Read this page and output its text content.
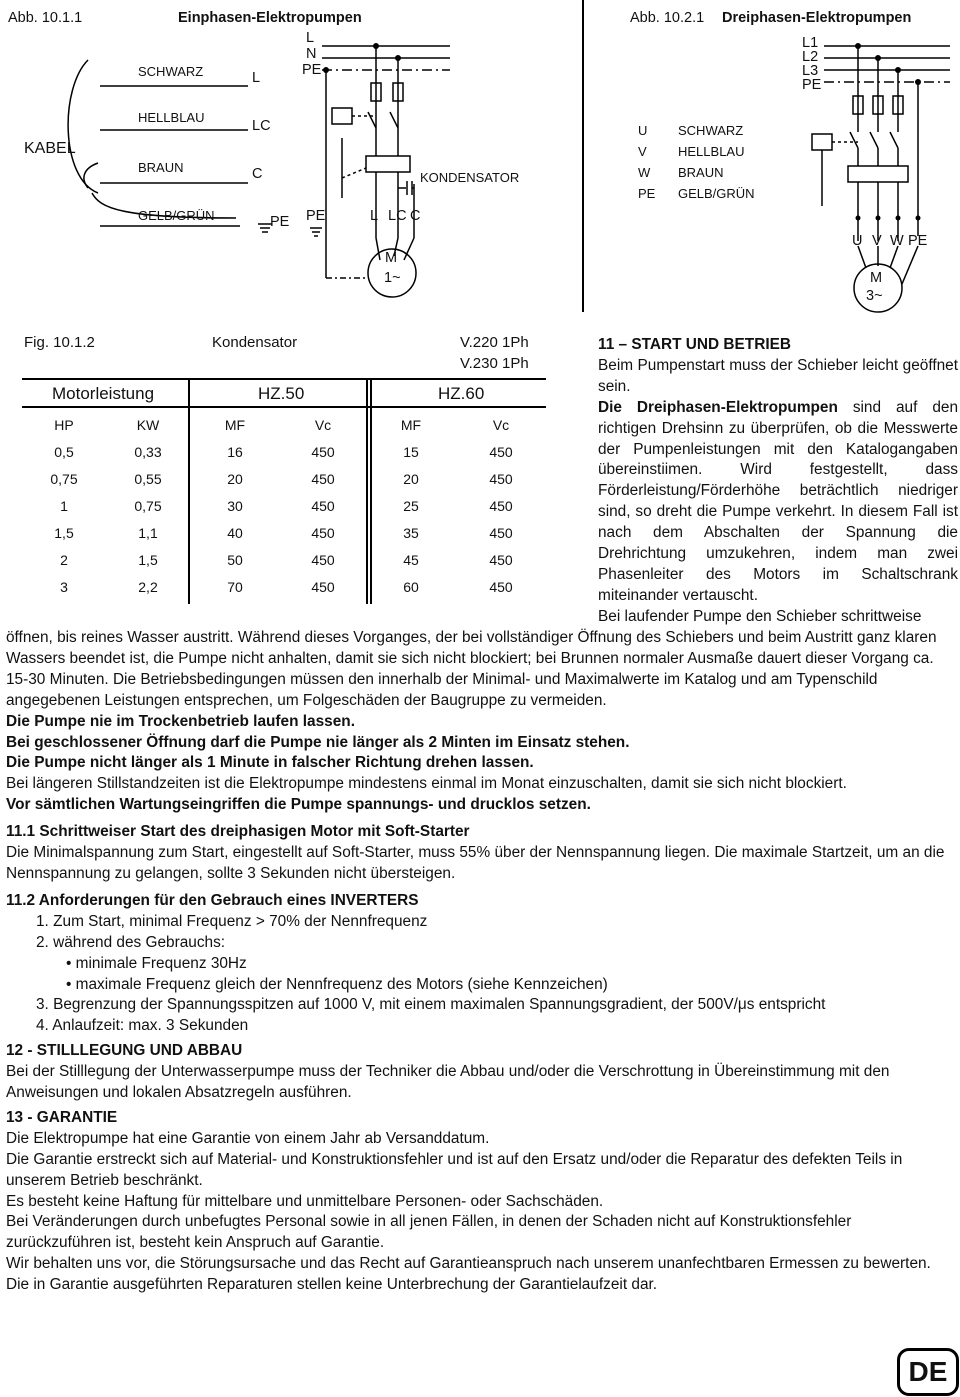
Abb. 10.1.1	Einphasen-Elektropumpen	Abb. 10.2.1 Dreiphasen-Elektropumpen
KABEL
SCHWARZ
HELLBLAU
BRAUN
GELB/GRÜN
L
LC
C
PE
L
N
PE
PE	L LC C
KONDENSATOR
M
1~
L1
L2
L3
PE
U V W PE
M
3~
U
V
W
PE
SCHWARZ
HELLBLAU
BRAUN
GELB/GRÜN
Fig. 10.1.2	Kondensator	V.220 1Ph
V.230 1Ph
Motorleistung	HZ.50	HZ.60
HP	KW	MF	Vc	MF	Vc
0,5	0,33	16	450	15	450
0,75	0,55	20	450	20	450
1	0,75	30	450	25	450
1,5	1,1	40	450	35	450
2	1,5	50	450	45	450
3	2,2	70	450	60	450

11 – START UND BETRIEB

Beim Pumpenstart muss der Schieber leicht geöffnet sein.

Die Dreiphasen-Elektropumpen sind auf den richtigen Drehsinn zu überprüfen, ob die Messwerte der Pumpenleistungen mit den Katalogangaben übereinstiimen. Wird festgestellt, dass Förderleistung/Förderhöhe beträchtlich niedriger sind, so dreht die Pumpe verkehrt. In diesem Fall ist nach dem Abschalten der Spannung die Drehrichtung umzukehren, indem man zwei Phasenleiter des Motors im Schaltschrank miteinander vertauscht.

Bei laufender Pumpe den Schieber schrittweise

öffnen, bis reines Wasser austritt. Während dieses Vorganges, der bei vollständiger Öffnung des Schiebers und beim Austritt ganz klaren Wassers beendet ist, die Pumpe nicht anhalten, damit sie sich nicht blockiert; bei Brunnen normaler Ausmaße dauert dieser Vorgang ca. 15-30 Minuten. Die Betriebsbedingungen müssen den innerhalb der Minimal- und Maximalwerte im Katalog und am Typenschild angegebenen Leistungen entsprechen, um Folgeschäden der Baugruppe zu vermeiden.

Die Pumpe nie im Trockenbetrieb laufen lassen.

Bei geschlossener Öffnung darf die Pumpe nie länger als 2 Minten im Einsatz stehen.

Die Pumpe nicht länger als 1 Minute in falscher Richtung drehen lassen.

Bei längeren Stillstandzeiten ist die Elektropumpe mindestens einmal im Monat einzuschalten, damit sie sich nicht blockiert.

Vor sämtlichen Wartungseingriffen die Pumpe spannungs- und drucklos setzen.

11.1 Schrittweiser Start des dreiphasigen Motor mit Soft-Starter

Die Minimalspannung zum Start, eingestellt auf Soft-Starter, muss 55% über der Nennspannung liegen. Die maximale Startzeit, um an die Nennspannung zu gelangen, sollte 3 Sekunden nicht übersteigen.

11.2 Anforderungen für den Gebrauch eines INVERTERS

1. Zum Start, minimal Frequenz > 70% der Nennfrequenz
2. während des Gebrauchs:
• minimale Frequenz 30Hz
• maximale Frequenz gleich der Nennfrequenz des Motors (siehe Kennzeichen)
3. Begrenzung der Spannungsspitzen auf 1000 V, mit einem maximalen Spannungsgradient, der 500V/μs entspricht
4. Anlaufzeit: max. 3 Sekunden

12 - STILLLEGUNG UND ABBAU

Bei der Stilllegung der Unterwasserpumpe muss der Techniker die Abbau und/oder die Verschrottung in Übereinstimmung mit den Anweisungen und lokalen Absatzregeln ausführen.

13 - GARANTIE

Die Elektropumpe hat eine Garantie von einem Jahr ab Versanddatum.

Die Garantie erstreckt sich auf Material- und Konstruktionsfehler und ist auf den Ersatz und/oder die Reparatur des defekten Teils in unserem Betrieb beschränkt.

Es besteht keine Haftung für mittelbare und unmittelbare Personen- oder Sachschäden.

Bei Veränderungen durch unbefugtes Personal sowie in all jenen Fällen, in denen der Schaden nicht auf Konstruktionsfehler zurückzuführen ist, besteht kein Anspruch auf Garantie.

Wir behalten uns vor, die Störungsursache und das Recht auf Garantieanspruch nach unserem unanfechtbaren Ermessen zu bewerten.

Die in Garantie ausgeführten Reparaturen stellen keine Unterbrechung der Garantielaufzeit dar.

DE
